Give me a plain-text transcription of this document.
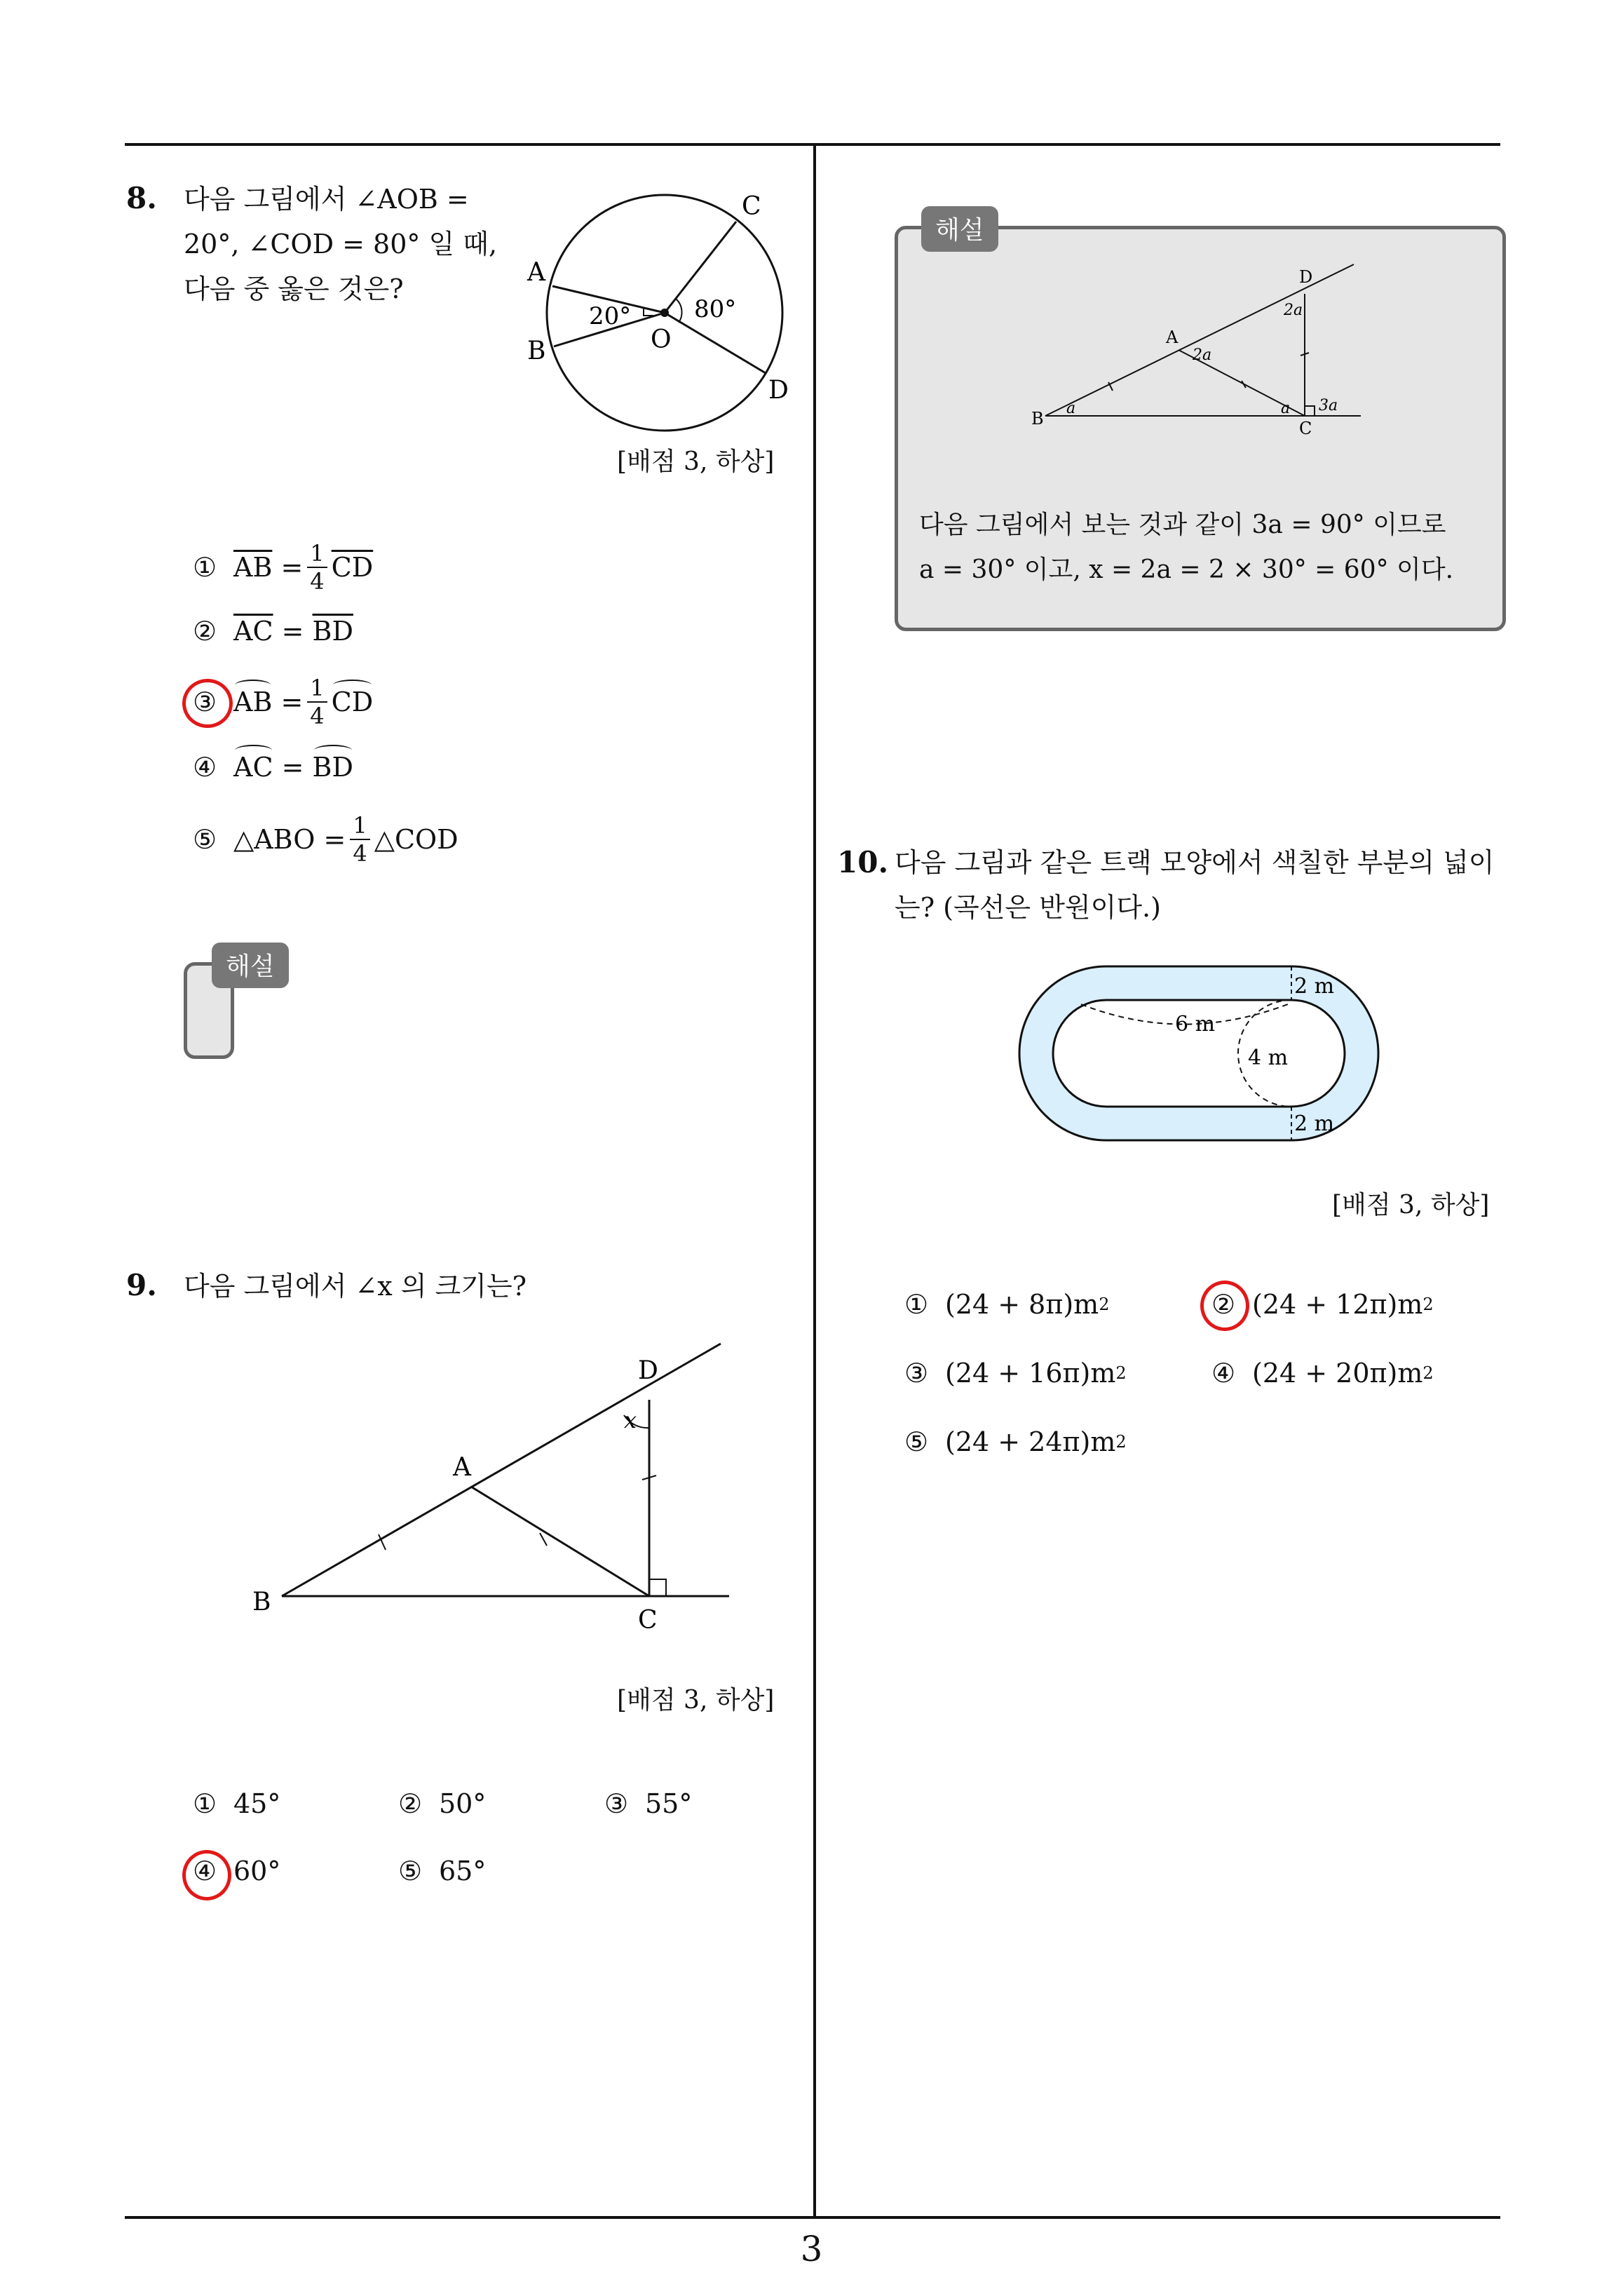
3
8. 다음 그림에서 ∠AOB =
20°, ∠COD = 80° 일 때,
다음 중 옳은 것은?
A
B
C
D
O
20°	80°
[배점 3, 하상]
① $\overline{AB} = \frac{1}{4} \overline{CD}$
② $\overline{AC} = \overline{BD}$
③ AB = $\frac{1}{4}$ CD
④ AC = BD
⑤ △ABO = $\frac{1}{4}$ △COD
해설
9. 다음 그림에서 ∠x 의 크기는?
B
A
C
D
x
[배점 3, 하상]
① 45°	② 50°	③ 55°
④ 60°	⑤ 65°
B
A
C
D
a	a
2a
2a
3a
다음 그림에서 보는 것과 같이 3a = 90° 이므로
a = 30° 이고, x = 2a = 2 × 30° = 60° 이다.
해설
10. 다음 그림과 같은 트랙 모양에서 색칠한 부분의 넓이
는? (곡선은 반원이다.)
2 m
4 m
2 m
6 m
[배점 3, 하상]
① (24 + 8π)m 2	② (24 + 12π)m 2
③ (24 + 16π)m 2	④ (24 + 20π)m 2
⑤ (24 + 24π)m 2
